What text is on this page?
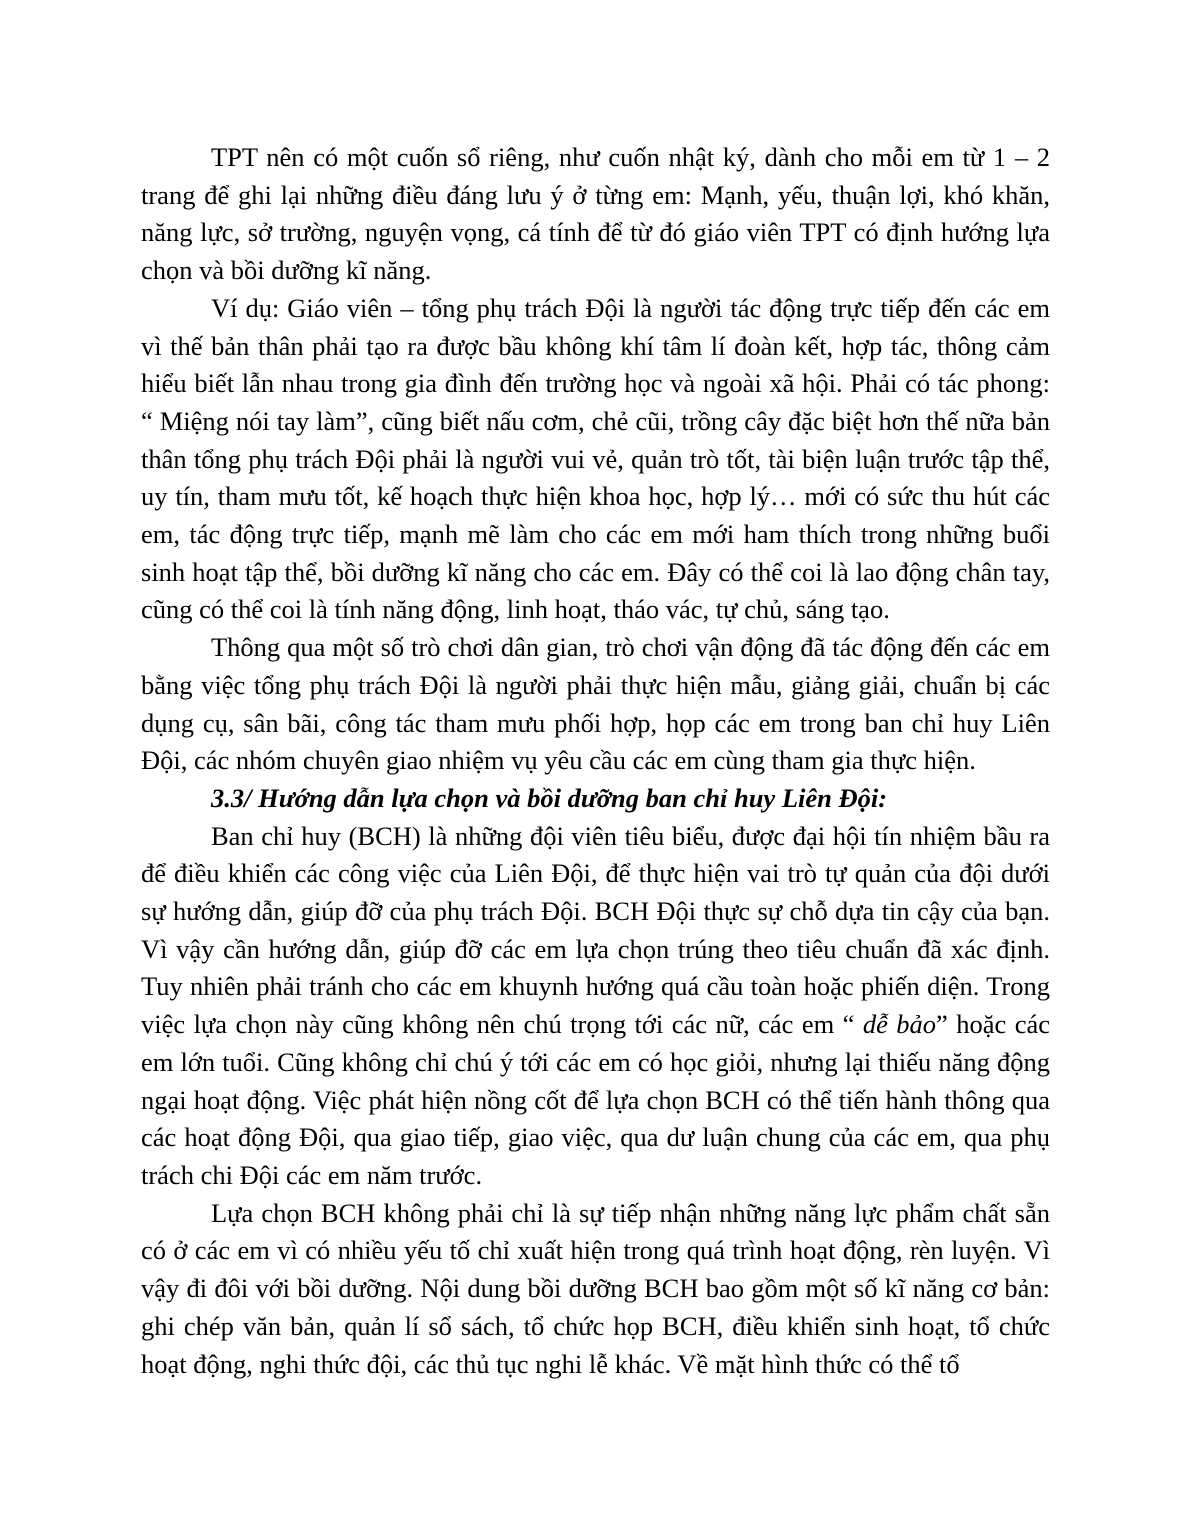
TPT nên có một cuốn sổ riêng, như cuốn nhật ký, dành cho mỗi em từ 1 – 2 trang để ghi lại những điều đáng lưu ý ở từng em: Mạnh, yếu, thuận lợi, khó khăn, năng lực, sở trường, nguyện vọng, cá tính để từ đó giáo viên TPT có định hướng lựa chọn và bồi dưỡng kĩ năng.

Ví dụ: Giáo viên – tổng phụ trách Đội là người tác động trực tiếp đến các em vì thế bản thân phải tạo ra được bầu không khí tâm lí đoàn kết, hợp tác, thông cảm hiểu biết lẫn nhau trong gia đình đến trường học và ngoài xã hội. Phải có tác phong: “ Miệng nói tay làm”, cũng biết nấu cơm, chẻ cũi, trồng cây đặc biệt hơn thế nữa bản thân tổng phụ trách Đội phải là người vui vẻ, quản trò tốt, tài biện luận trước tập thể, uy tín, tham mưu tốt, kế hoạch thực hiện khoa học, hợp lý… mới có sức thu hút các em, tác động trực tiếp, mạnh mẽ làm cho các em mới ham thích trong những buổi sinh hoạt tập thể, bồi dưỡng kĩ năng cho các em. Đây có thể coi là lao động chân tay, cũng có thể coi là tính năng động, linh hoạt, tháo vác, tự chủ, sáng tạo.

Thông qua một số trò chơi dân gian, trò chơi vận động đã tác động đến các em bằng việc tổng phụ trách Đội là người phải thực hiện mẫu, giảng giải, chuẩn bị các dụng cụ, sân bãi, công tác tham mưu phối hợp, họp các em trong ban chỉ huy Liên Đội, các nhóm chuyên giao nhiệm vụ yêu cầu các em cùng tham gia thực hiện.

3.3/ Hướng dẫn lựa chọn và bồi dưỡng ban chỉ huy Liên Đội:

Ban chỉ huy (BCH) là những đội viên tiêu biểu, được đại hội tín nhiệm bầu ra để điều khiển các công việc của Liên Đội, để thực hiện vai trò tự quản của đội dưới sự hướng dẫn, giúp đỡ của phụ trách Đội. BCH Đội thực sự chỗ dựa tin cậy của bạn. Vì vậy cần hướng dẫn, giúp đỡ các em lựa chọn trúng theo tiêu chuẩn đã xác định. Tuy nhiên phải tránh cho các em khuynh hướng quá cầu toàn hoặc phiến diện. Trong việc lựa chọn này cũng không nên chú trọng tới các nữ, các em “ dễ bảo” hoặc các em lớn tuổi. Cũng không chỉ chú ý tới các em có học giỏi, nhưng lại thiếu năng động ngại hoạt động. Việc phát hiện nồng cốt để lựa chọn BCH có thể tiến hành thông qua các hoạt động Đội, qua giao tiếp, giao việc, qua dư luận chung của các em, qua phụ trách chi Đội các em năm trước.

Lựa chọn BCH không phải chỉ là sự tiếp nhận những năng lực phẩm chất sẵn có ở các em vì có nhiều yếu tố chỉ xuất hiện trong quá trình hoạt động, rèn luyện. Vì vậy đi đôi với bồi dưỡng. Nội dung bồi dưỡng BCH bao gồm một số kĩ năng cơ bản: ghi chép văn bản, quản lí sổ sách, tổ chức họp BCH, điều khiển sinh hoạt, tổ chức hoạt động, nghi thức đội, các thủ tục nghi lễ khác. Về mặt hình thức có thể tổ
